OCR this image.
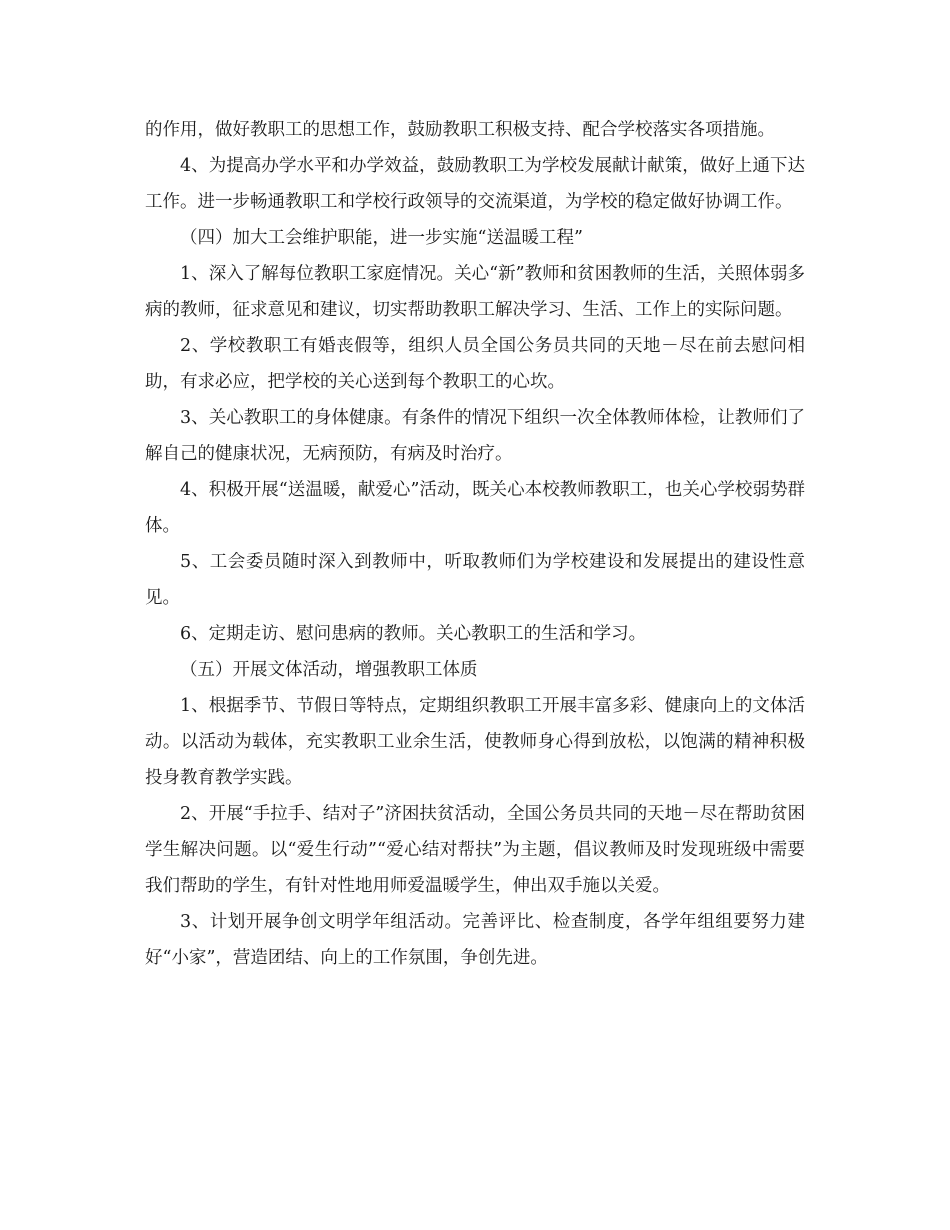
的作用，做好教职工的思想工作，鼓励教职工积极支持、配合学校落实各项措施。

4、为提高办学水平和办学效益，鼓励教职工为学校发展献计献策，做好上通下达工作。进一步畅通教职工和学校行政领导的交流渠道，为学校的稳定做好协调工作。

（四）加大工会维护职能，进一步实施“送温暖工程”

1、深入了解每位教职工家庭情况。关心“新”教师和贫困教师的生活，关照体弱多病的教师，征求意见和建议，切实帮助教职工解决学习、生活、工作上的实际问题。

2、学校教职工有婚丧假等，组织人员全国公务员共同的天地－尽在前去慰问相助，有求必应，把学校的关心送到每个教职工的心坎。

3、关心教职工的身体健康。有条件的情况下组织一次全体教师体检，让教师们了解自己的健康状况，无病预防，有病及时治疗。

4、积极开展“送温暖，献爱心”活动，既关心本校教师教职工，也关心学校弱势群体。

5、工会委员随时深入到教师中，听取教师们为学校建设和发展提出的建设性意见。

6、定期走访、慰问患病的教师。关心教职工的生活和学习。

（五）开展文体活动，增强教职工体质

1、根据季节、节假日等特点，定期组织教职工开展丰富多彩、健康向上的文体活动。以活动为载体，充实教职工业余生活，使教师身心得到放松，以饱满的精神积极投身教育教学实践。

2、开展“手拉手、结对子”济困扶贫活动，全国公务员共同的天地－尽在帮助贫困学生解决问题。以“爱生行动”“爱心结对帮扶”为主题，倡议教师及时发现班级中需要我们帮助的学生，有针对性地用师爱温暖学生，伸出双手施以关爱。

3、计划开展争创文明学年组活动。完善评比、检查制度，各学年组组要努力建好“小家”，营造团结、向上的工作氛围，争创先进。
